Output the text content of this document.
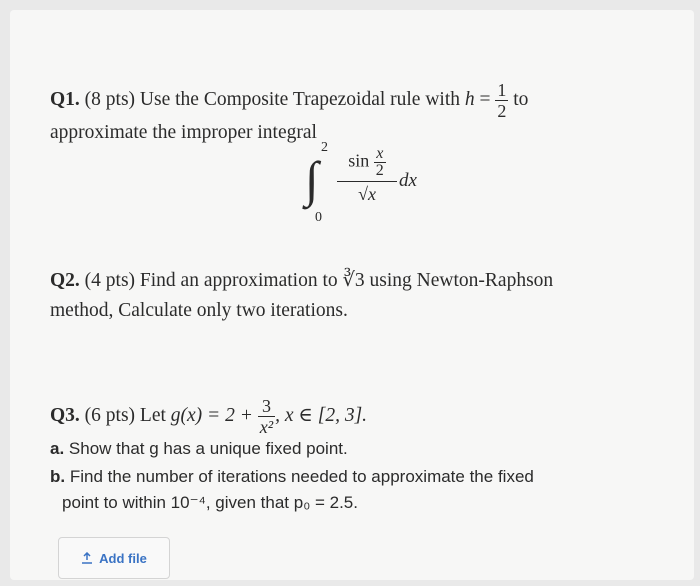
Q1. (8 pts) Use the Composite Trapezoidal rule with $h = \frac{1}{2}$ to
approximate the improper integral
2
∫
0
$\frac{\sin \frac{x}{2}}{√x}$ dx
Q2. (4 pts) Find an approximation to ∛3 using Newton-Raphson
method, Calculate only two iterations.
Q3. (6 pts) Let $g(x) = 2 + \frac{3}{\text{x²}}$ , x ∈ [2, 3].
a. Show that g has a unique fixed point.
b. Find the number of iterations needed to approximate the fixed
point to within 10⁻⁴, given that p₀ = 2.5.
Add file
